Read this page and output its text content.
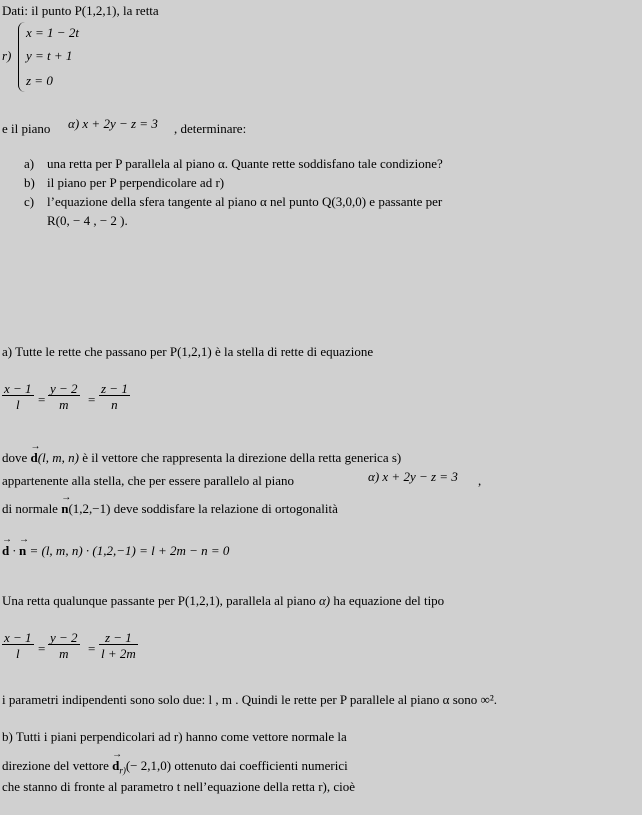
Dati: il punto P(1,2,1), la retta
r)
x = 1 − 2t
y = t + 1
z = 0
e il piano α) x + 2y − z = 3 , determinare:
a) una retta per P parallela al piano α. Quante rette soddisfano tale condizione?
b) il piano per P perpendicolare ad r)
c) l’equazione della sfera tangente al piano α nel punto Q(3,0,0) e passante per
R(0, − 4 , − 2 ).
a) Tutte le rette che passano per P(1,2,1) è la stella di rette di equazione
$\frac{x - 1}{l} = \frac{y - 2}{m} = \frac{z - 1}{n}$
dove → d(l, m, n) è il vettore che rappresenta la direzione della retta generica s)
appartenente alla stella, che per essere parallelo al piano	α) x + 2y − z = 3 ,
di normale → n(1,2,−1) deve soddisfare la relazione di ortogonalità
→ d · → n = (l, m, n) · (1,2,−1) = l + 2m − n = 0
Una retta qualunque passante per P(1,2,1), parallela al piano α) ha equazione del tipo
$\frac{x - 1}{l} = \frac{y - 2}{m} = \frac{z - 1}{l + 2m}$
i parametri indipendenti sono solo due: l , m . Quindi le rette per P parallele al piano α sono ∞².
b) Tutti i piani perpendicolari ad r) hanno come vettore normale la
direzione del vettore → $d_{r)}(- 2,1,0)$ ottenuto dai coefficienti numerici
che stanno di fronte al parametro t nell’equazione della retta r), cioè
